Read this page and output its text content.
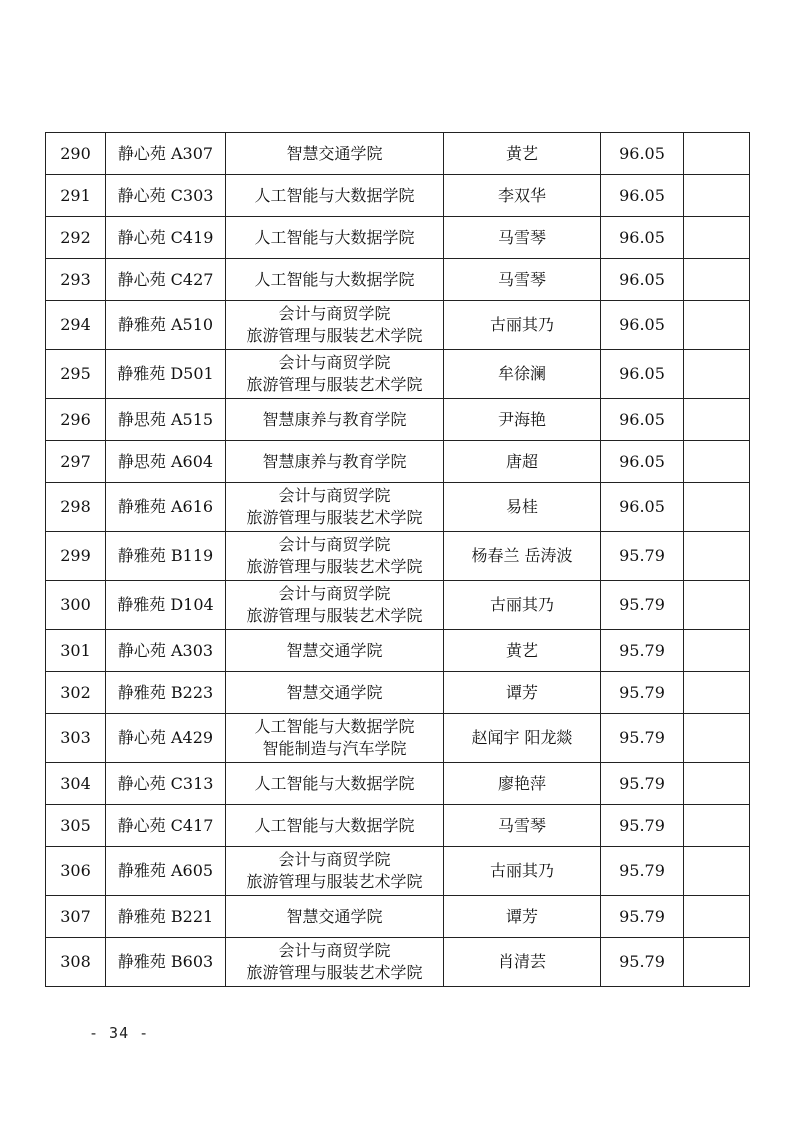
290	静心苑 A307	智慧交通学院	黄艺	96.05	
291	静心苑 C303	人工智能与大数据学院	李双华	96.05	
292	静心苑 C419	人工智能与大数据学院	马雪琴	96.05	
293	静心苑 C427	人工智能与大数据学院	马雪琴	96.05	
294	静雅苑 A510	会计与商贸学院
旅游管理与服装艺术学院	古丽其乃	96.05	
295	静雅苑 D501	会计与商贸学院
旅游管理与服装艺术学院	牟徐澜	96.05	
296	静思苑 A515	智慧康养与教育学院	尹海艳	96.05	
297	静思苑 A604	智慧康养与教育学院	唐超	96.05	
298	静雅苑 A616	会计与商贸学院
旅游管理与服装艺术学院	易桂	96.05	
299	静雅苑 B119	会计与商贸学院
旅游管理与服装艺术学院	杨春兰 岳涛波	95.79	
300	静雅苑 D104	会计与商贸学院
旅游管理与服装艺术学院	古丽其乃	95.79	
301	静心苑 A303	智慧交通学院	黄艺	95.79	
302	静雅苑 B223	智慧交通学院	谭芳	95.79	
303	静心苑 A429	人工智能与大数据学院
智能制造与汽车学院	赵闻宇 阳龙燚	95.79	
304	静心苑 C313	人工智能与大数据学院	廖艳萍	95.79	
305	静心苑 C417	人工智能与大数据学院	马雪琴	95.79	
306	静雅苑 A605	会计与商贸学院
旅游管理与服装艺术学院	古丽其乃	95.79	
307	静雅苑 B221	智慧交通学院	谭芳	95.79	
308	静雅苑 B603	会计与商贸学院
旅游管理与服装艺术学院	肖清芸	95.79	
- 34 -
